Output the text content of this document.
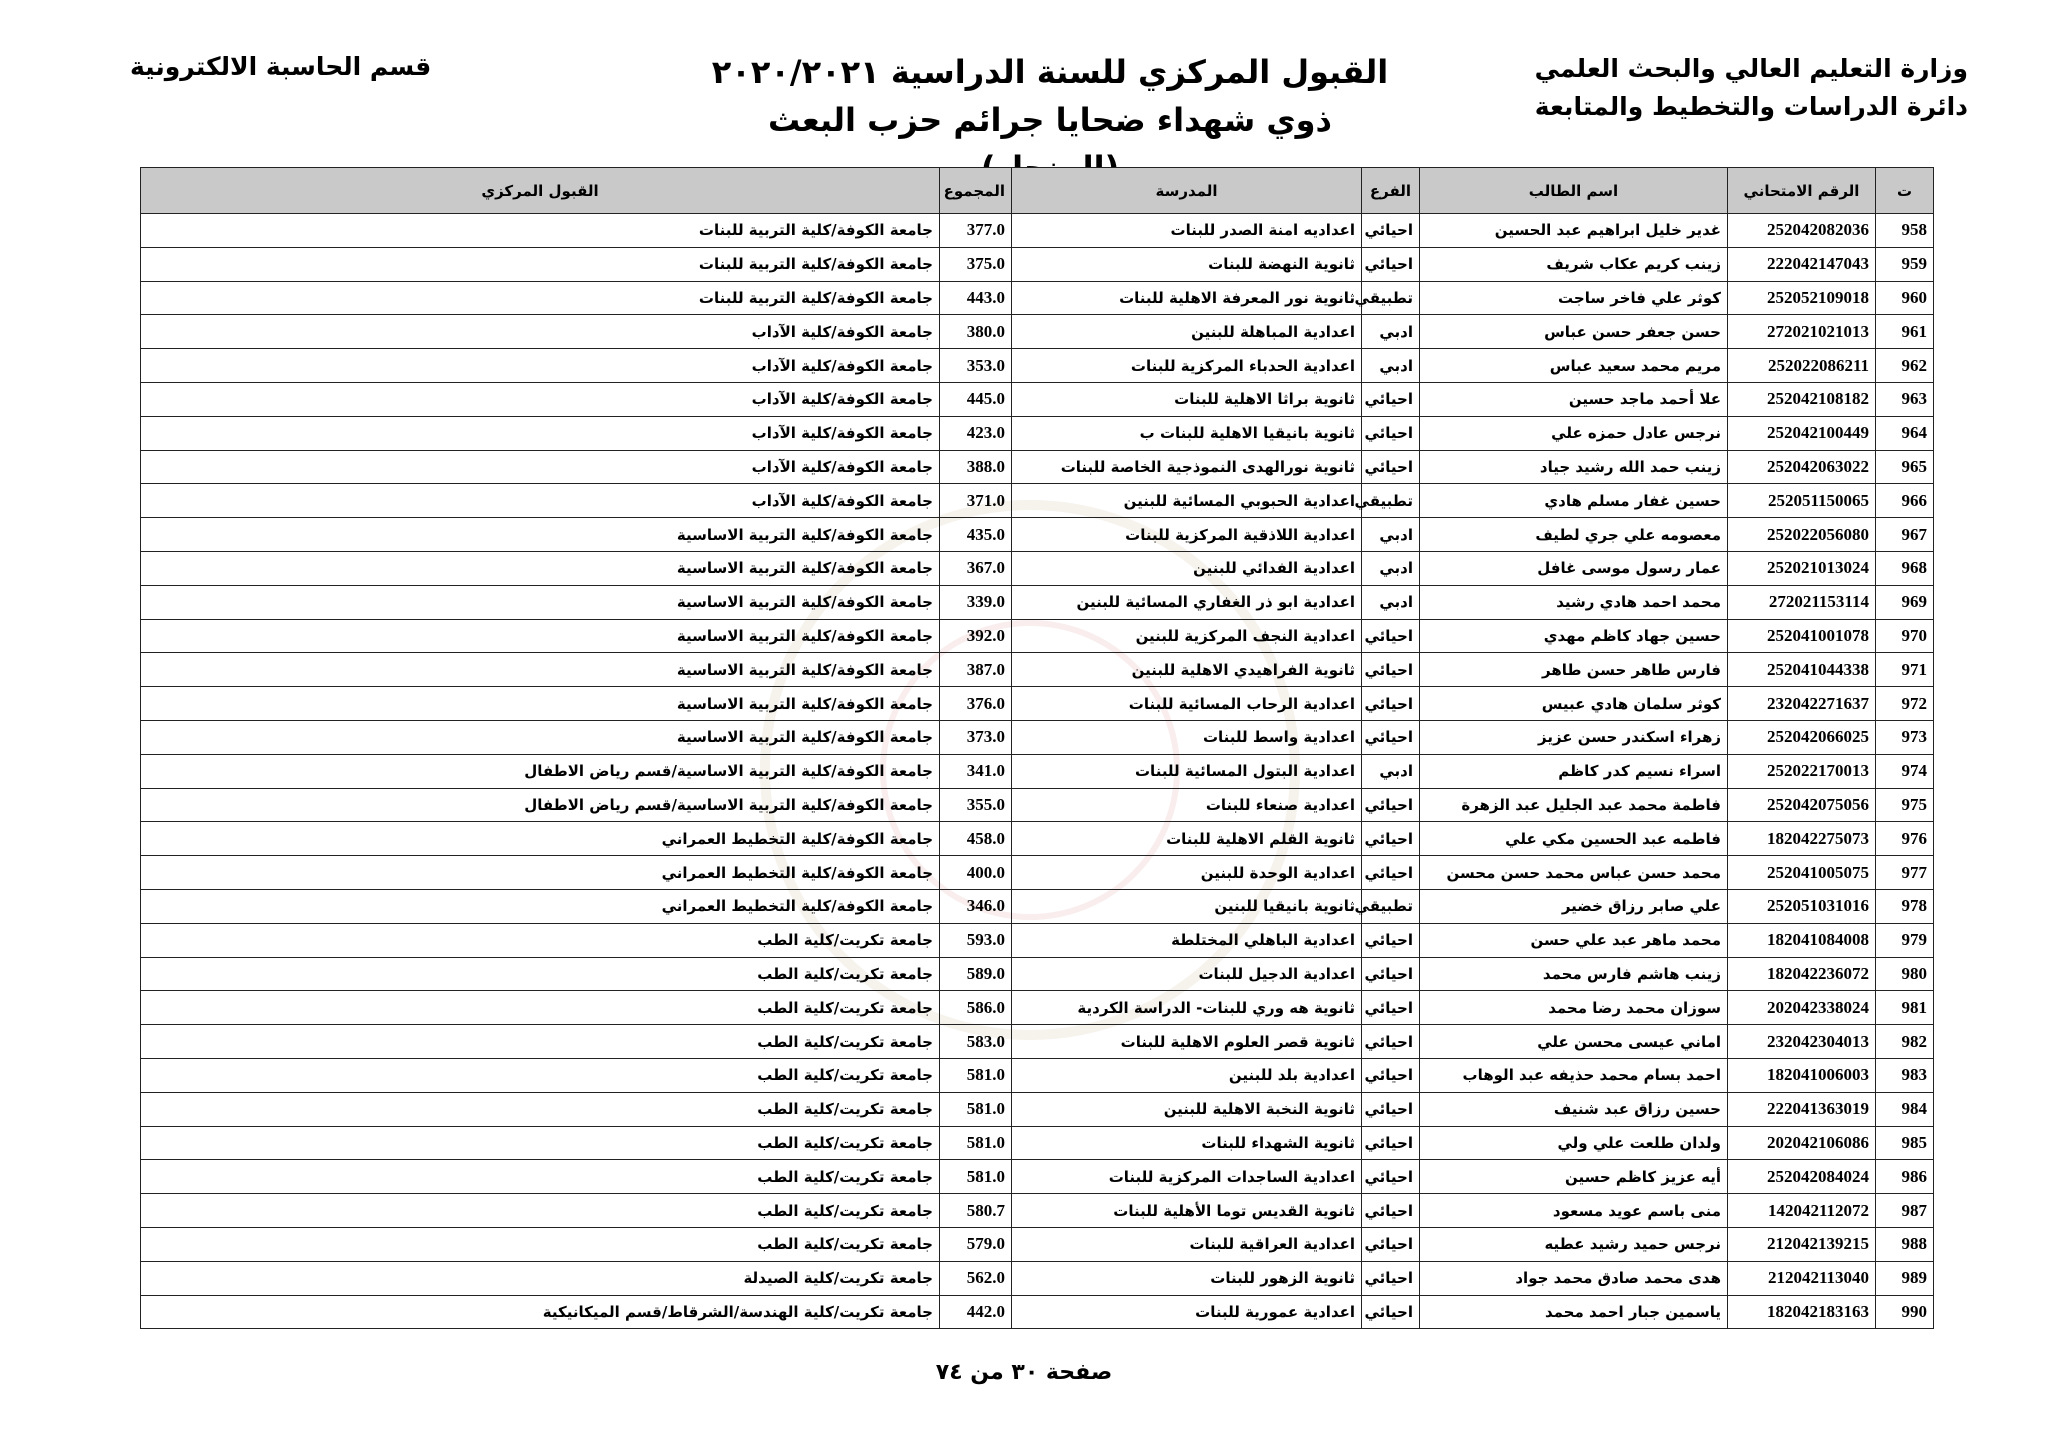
وزارة التعليم العالي والبحث العلمي
دائرة الدراسات والتخطيط والمتابعة
القبول المركزي للسنة الدراسية ٢٠٢٠/٢٠٢١
ذوي شهداء ضحايا جرائم حزب البعث
قسم الحاسبة الالكترونية
ت	الرقم الامتحاني	اسم الطالب	الفرع	المدرسة	المجموع	القبول المركزي
958	252042082036	غدير خليل ابراهيم عبد الحسين	احيائي	اعداديه امنة الصدر للبنات	377.0	جامعة الكوفة/كلية التربية للبنات
959	222042147043	زينب كريم عكاب شريف	احيائي	ثانوية النهضة للبنات	375.0	جامعة الكوفة/كلية التربية للبنات
960	252052109018	كوثر علي فاخر ساجت	تطبيقي	ثانوية نور المعرفة الاهلية للبنات	443.0	جامعة الكوفة/كلية التربية للبنات
961	272021021013	حسن جعفر حسن عباس	ادبي	اعدادية المباهلة للبنين	380.0	جامعة الكوفة/كلية الآداب
962	252022086211	مريم محمد سعيد عباس	ادبي	اعدادية الحدباء المركزية للبنات	353.0	جامعة الكوفة/كلية الآداب
963	252042108182	علا أحمد ماجد حسين	احيائي	ثانوية براثا الاهلية للبنات	445.0	جامعة الكوفة/كلية الآداب
964	252042100449	نرجس عادل حمزه علي	احيائي	ثانوية بانيقيا الاهلية للبنات ب	423.0	جامعة الكوفة/كلية الآداب
965	252042063022	زينب حمد الله رشيد جياد	احيائي	ثانوية نورالهدى النموذجية الخاصة للبنات	388.0	جامعة الكوفة/كلية الآداب
966	252051150065	حسين غفار مسلم هادي	تطبيقي	اعدادية الحبوبي المسائية للبنين	371.0	جامعة الكوفة/كلية الآداب
967	252022056080	معصومه علي جري لطيف	ادبي	اعدادية اللاذقية المركزية للبنات	435.0	جامعة الكوفة/كلية التربية الاساسية
968	252021013024	عمار رسول موسى غافل	ادبي	اعدادية الفدائي للبنين	367.0	جامعة الكوفة/كلية التربية الاساسية
969	272021153114	محمد احمد هادي رشيد	ادبي	اعدادية ابو ذر الغفاري المسائية للبنين	339.0	جامعة الكوفة/كلية التربية الاساسية
970	252041001078	حسين جهاد كاظم مهدي	احيائي	اعدادية النجف المركزية للبنين	392.0	جامعة الكوفة/كلية التربية الاساسية
971	252041044338	فارس طاهر حسن طاهر	احيائي	ثانوية الفراهيدي الاهلية للبنين	387.0	جامعة الكوفة/كلية التربية الاساسية
972	232042271637	كوثر سلمان هادي عبيس	احيائي	اعدادية الرحاب المسائية للبنات	376.0	جامعة الكوفة/كلية التربية الاساسية
973	252042066025	زهراء اسكندر حسن عزيز	احيائي	اعدادية واسط للبنات	373.0	جامعة الكوفة/كلية التربية الاساسية
974	252022170013	اسراء نسيم كدر كاظم	ادبي	اعدادية البتول المسائية للبنات	341.0	جامعة الكوفة/كلية التربية الاساسية/قسم رياض الاطفال
975	252042075056	فاطمة محمد عبد الجليل عبد الزهرة	احيائي	اعدادية صنعاء للبنات	355.0	جامعة الكوفة/كلية التربية الاساسية/قسم رياض الاطفال
976	182042275073	فاطمه عبد الحسين مكي علي	احيائي	ثانوية القلم الاهلية للبنات	458.0	جامعة الكوفة/كلية التخطيط العمراني
977	252041005075	محمد حسن عباس محمد حسن محسن	احيائي	اعدادية الوحدة للبنين	400.0	جامعة الكوفة/كلية التخطيط العمراني
978	252051031016	علي صابر رزاق خضير	تطبيقي	ثانوية بانيقيا للبنين	346.0	جامعة الكوفة/كلية التخطيط العمراني
979	182041084008	محمد ماهر عبد علي حسن	احيائي	اعدادية الباهلي المختلطة	593.0	جامعة تكريت/كلية الطب
980	182042236072	زينب هاشم فارس محمد	احيائي	اعدادية الدجيل للبنات	589.0	جامعة تكريت/كلية الطب
981	202042338024	سوزان محمد رضا محمد	احيائي	ثانوية هه وري للبنات- الدراسة الكردية	586.0	جامعة تكريت/كلية الطب
982	232042304013	اماني عيسى محسن علي	احيائي	ثانوية قصر العلوم الاهلية للبنات	583.0	جامعة تكريت/كلية الطب
983	182041006003	احمد بسام محمد حذيفه عبد الوهاب	احيائي	اعدادية بلد للبنين	581.0	جامعة تكريت/كلية الطب
984	222041363019	حسين رزاق عبد شنيف	احيائي	ثانوية النخبة الاهلية للبنين	581.0	جامعة تكريت/كلية الطب
985	202042106086	ولدان طلعت علي ولي	احيائي	ثانوية الشهداء للبنات	581.0	جامعة تكريت/كلية الطب
986	252042084024	أيه عزيز كاظم حسين	احيائي	اعدادية الساجدات المركزية للبنات	581.0	جامعة تكريت/كلية الطب
987	142042112072	منى باسم عويد مسعود	احيائي	ثانوية القديس توما الأهلية للبنات	580.7	جامعة تكريت/كلية الطب
988	212042139215	نرجس حميد رشيد عطيه	احيائي	اعدادية العراقية للبنات	579.0	جامعة تكريت/كلية الطب
989	212042113040	هدى محمد صادق محمد جواد	احيائي	ثانوية الزهور للبنات	562.0	جامعة تكريت/كلية الصيدلة
990	182042183163	ياسمين جبار احمد محمد	احيائي	اعدادية عمورية للبنات	442.0	جامعة تكريت/كلية الهندسة/الشرقاط/قسم الميكانيكية
صفحة ٣٠ من ٧٤
